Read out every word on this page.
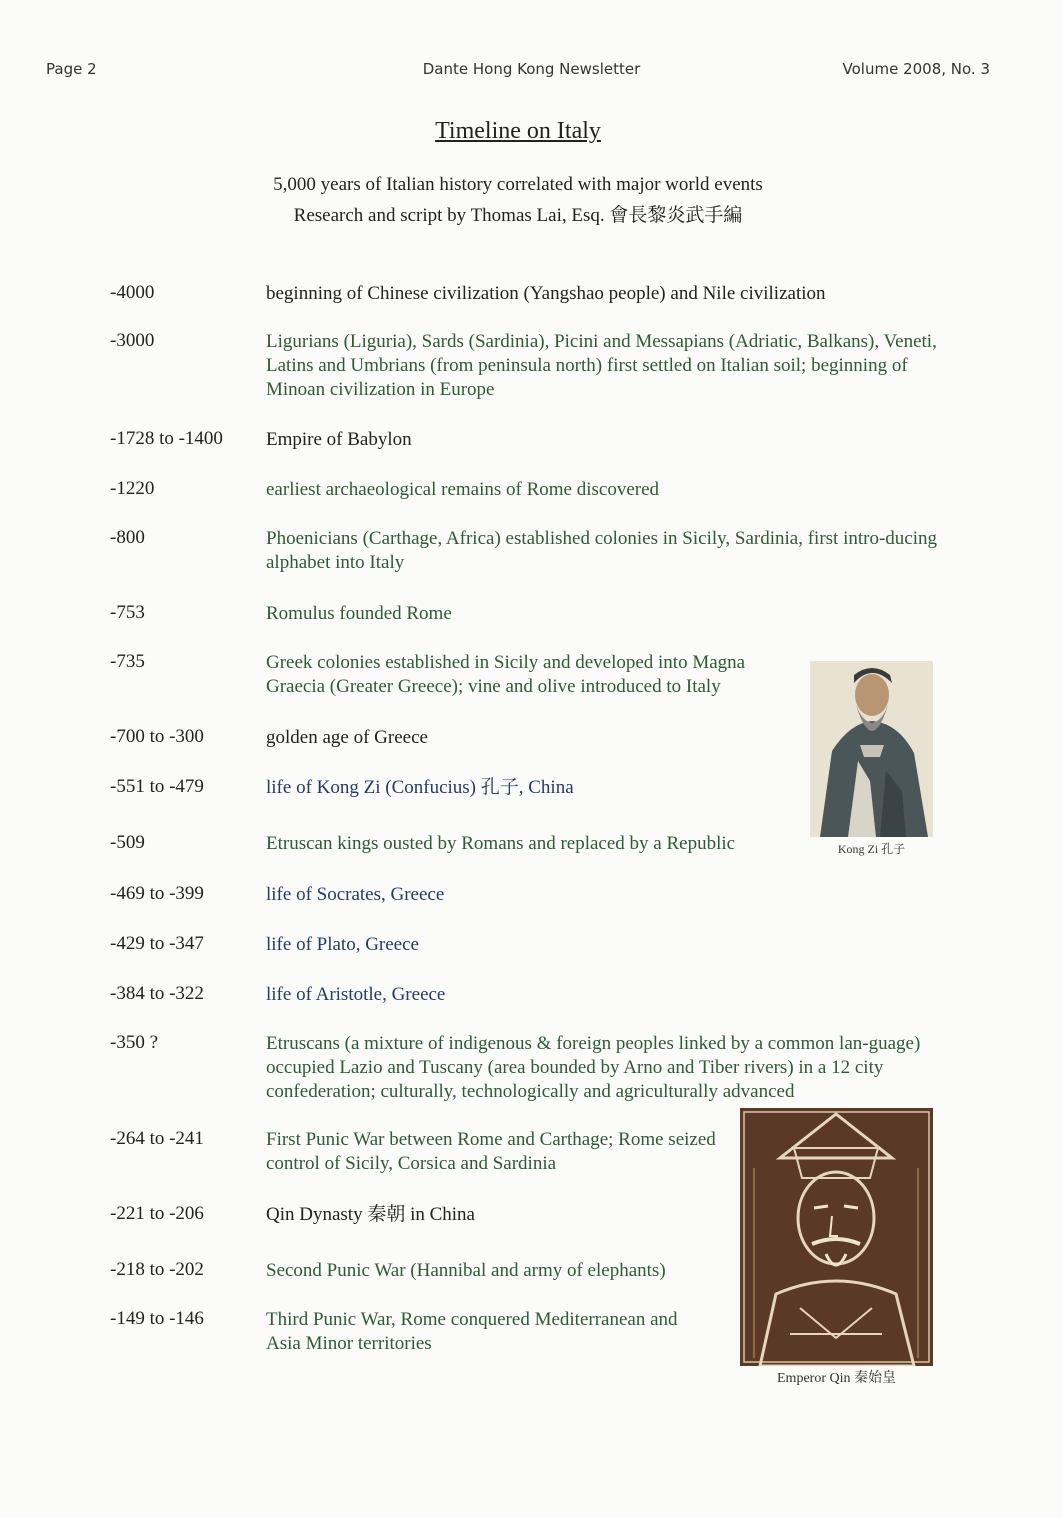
Page 2	Dante Hong Kong Newsletter	Volume 2008, No. 3
Timeline on Italy
5,000 years of Italian history correlated with major world events
Research and script by Thomas Lai, Esq. 會長黎炎武手編
-4000	beginning of Chinese civilization (Yangshao people) and Nile civilization
-3000	Ligurians (Liguria), Sards (Sardinia), Picini and Messapians (Adriatic, Balkans), Veneti, Latins and Umbrians (from peninsula north) first settled on Italian soil; beginning of Minoan civilization in Europe
-1728 to -1400	Empire of Babylon
-1220	earliest archaeological remains of Rome discovered
-800	Phoenicians (Carthage, Africa) established colonies in Sicily, Sardinia, first intro-ducing alphabet into Italy
-753	Romulus founded Rome
-735	Greek colonies established in Sicily and developed into Magna Graecia (Greater Greece); vine and olive introduced to Italy
-700 to -300	golden age of Greece
-551 to -479	life of Kong Zi (Confucius) 孔子, China
-509	Etruscan kings ousted by Romans and replaced by a Republic
-469 to -399	life of Socrates, Greece
-429 to -347	life of Plato, Greece
-384 to -322	life of Aristotle, Greece
-350 ?	Etruscans (a mixture of indigenous & foreign peoples linked by a common lan-guage) occupied Lazio and Tuscany (area bounded by Arno and Tiber rivers) in a 12 city confederation; culturally, technologically and agriculturally advanced
-264 to -241	First Punic War between Rome and Carthage; Rome seized control of Sicily, Corsica and Sardinia
-221 to -206	Qin Dynasty 秦朝 in China
-218 to -202	Second Punic War (Hannibal and army of elephants)
-149 to -146	Third Punic War, Rome conquered Mediterranean and Asia Minor territories
Kong Zi 孔子
Emperor Qin 秦始皇
